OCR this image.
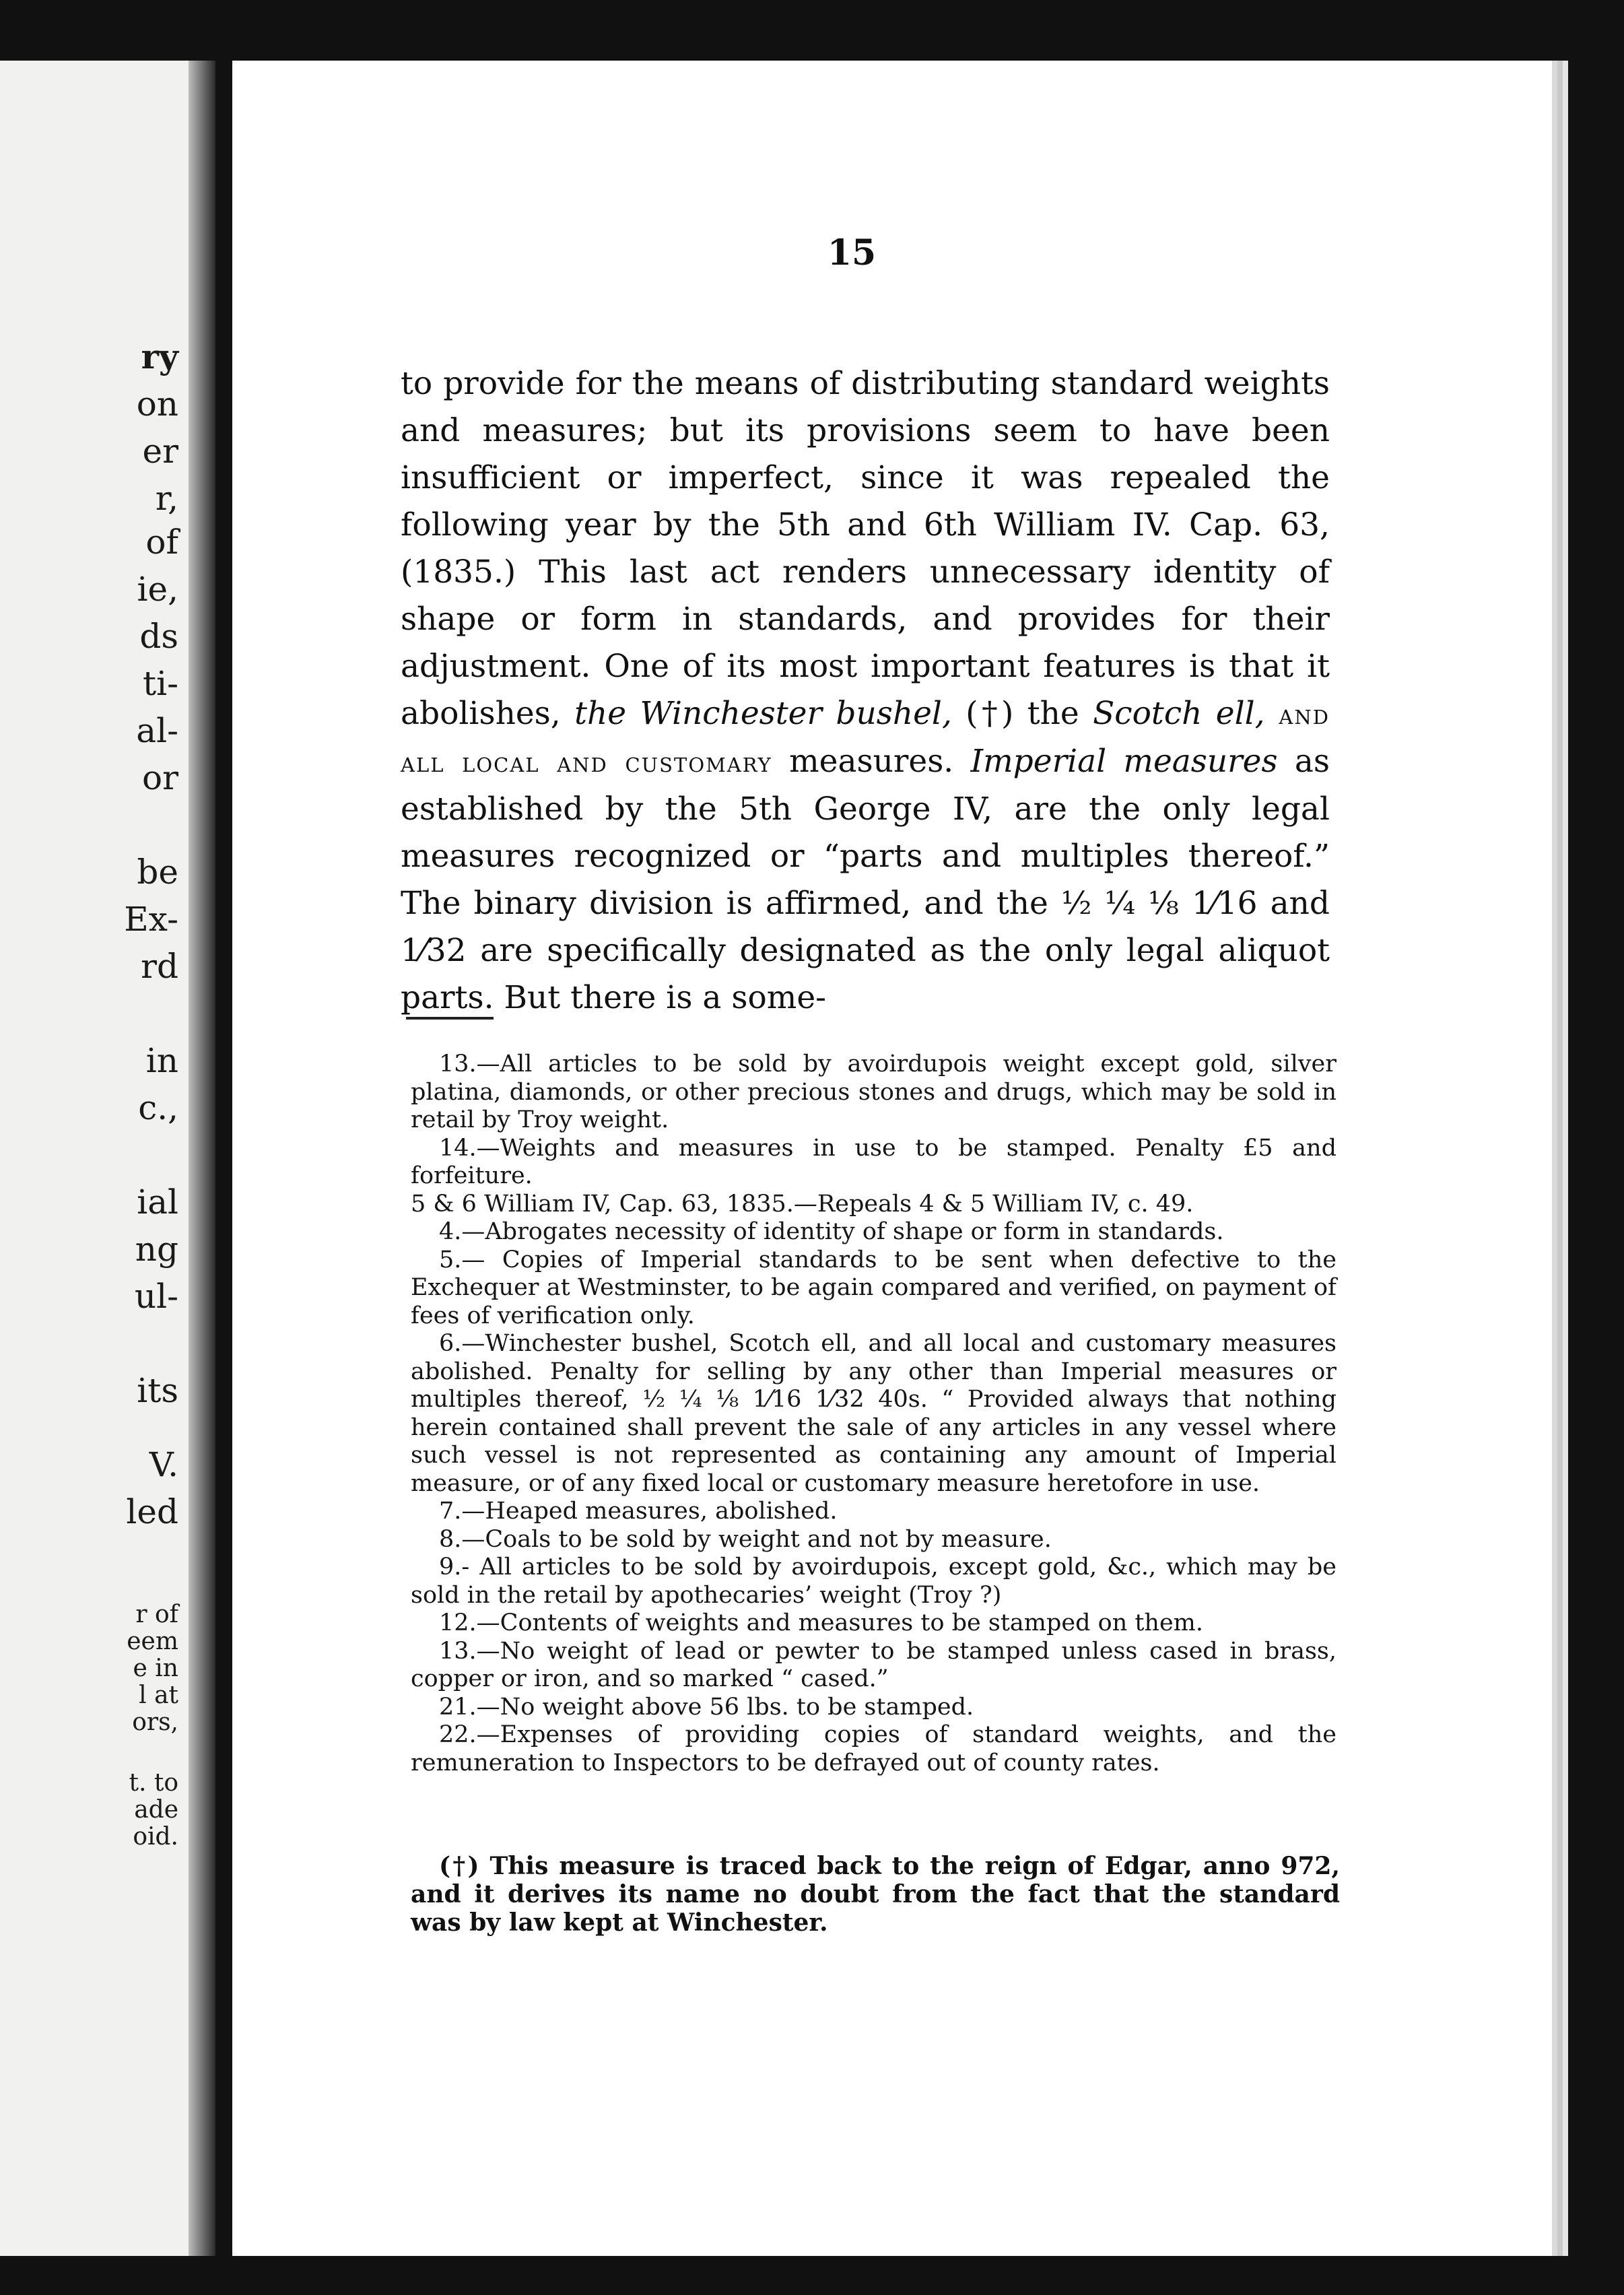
ry
on
er
r,
of
ie,
ds
ti-
al-
or
be
Ex-
rd
in
c.,
ial
ng
ul-
its
V.
led
r of
eem
e in
l at
ors,
t. to
ade
oid.
15

to provide for the means of distributing standard weights and measures; but its provisions seem to have been insufficient or imperfect, since it was repealed the following year by the 5th and 6th William IV. Cap. 63, (1835.) This last act renders unnecessary identity of shape or form in standards, and provides for their adjustment. One of its most important features is that it abolishes, the Winchester bushel, (†) the Scotch ell, and all local and customary measures. Imperial measures as established by the 5th George IV, are the only legal measures recognized or “parts and multiples thereof.” The binary division is affirmed, and the ½ ¼ ⅛ 1⁄16 and 1⁄32 are specifically designated as the only legal aliquot parts. But there is a some-

13.—All articles to be sold by avoirdupois weight except gold, silver platina, diamonds, or other precious stones and drugs, which may be sold in retail by Troy weight.

14.—Weights and measures in use to be stamped. Penalty £5 and forfeiture.

5 & 6 William IV, Cap. 63, 1835.—Repeals 4 & 5 William IV, c. 49.

4.—Abrogates necessity of identity of shape or form in standards.

5.— Copies of Imperial standards to be sent when defective to the Exchequer at Westminster, to be again compared and verified, on payment of fees of verification only.

6.—Winchester bushel, Scotch ell, and all local and customary measures abolished. Penalty for selling by any other than Imperial measures or multiples thereof, ½ ¼ ⅛ 1⁄16 1⁄32 40s. “ Provided always that nothing herein contained shall prevent the sale of any articles in any vessel where such vessel is not represented as containing any amount of Imperial measure, or of any fixed local or customary measure heretofore in use.

7.—Heaped measures, abolished.

8.—Coals to be sold by weight and not by measure.

9.- All articles to be sold by avoirdupois, except gold, &c., which may be sold in the retail by apothecaries’ weight (Troy ?)

12.—Contents of weights and measures to be stamped on them.

13.—No weight of lead or pewter to be stamped unless cased in brass, copper or iron, and so marked “ cased.”

21.—No weight above 56 lbs. to be stamped.

22.—Expenses of providing copies of standard weights, and the remuneration to Inspectors to be defrayed out of county rates.

(†) This measure is traced back to the reign of Edgar, anno 972, and it derives its name no doubt from the fact that the standard was by law kept at Winchester.
